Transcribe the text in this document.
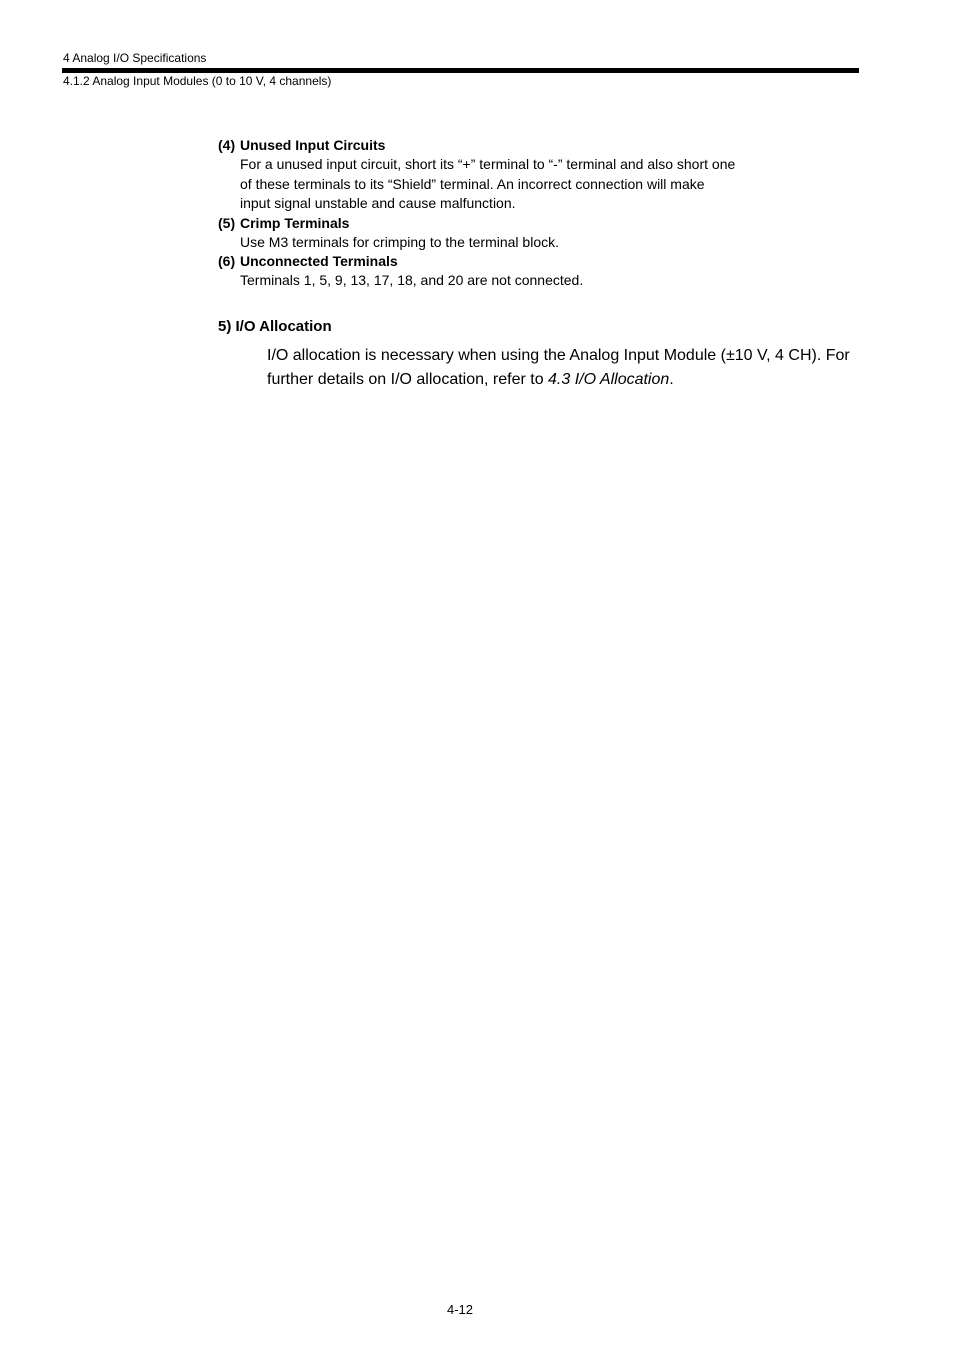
4 Analog I/O Specifications
4.1.2 Analog Input Modules (0 to 10 V, 4 channels)
(4) Unused Input Circuits
For a unused input circuit, short its “+” terminal to “-” terminal and also short one
of these terminals to its “Shield” terminal. An incorrect connection will make
input signal unstable and cause malfunction.
(5) Crimp Terminals
Use M3 terminals for crimping to the terminal block.
(6) Unconnected Terminals
Terminals 1, 5, 9, 13, 17, 18, and 20 are not connected.
5) I/O Allocation
I/O allocation is necessary when using the Analog Input Module (±10 V, 4 CH). For
further details on I/O allocation, refer to 4.3 I/O Allocation.
4-12
